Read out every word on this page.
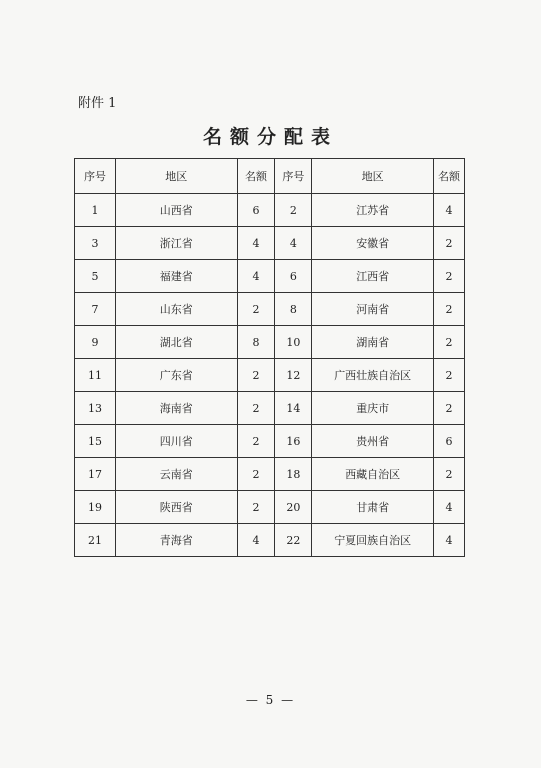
附件 1
名额分配表
序号	地区	名额	序号	地区	名额
1	山西省	6	2	江苏省	4
3	浙江省	4	4	安徽省	2
5	福建省	4	6	江西省	2
7	山东省	2	8	河南省	2
9	湖北省	8	10	湖南省	2
11	广东省	2	12	广西壮族自治区	2
13	海南省	2	14	重庆市	2
15	四川省	2	16	贵州省	6
17	云南省	2	18	西藏自治区	2
19	陕西省	2	20	甘肃省	4
21	青海省	4	22	宁夏回族自治区	4
— 5 —
